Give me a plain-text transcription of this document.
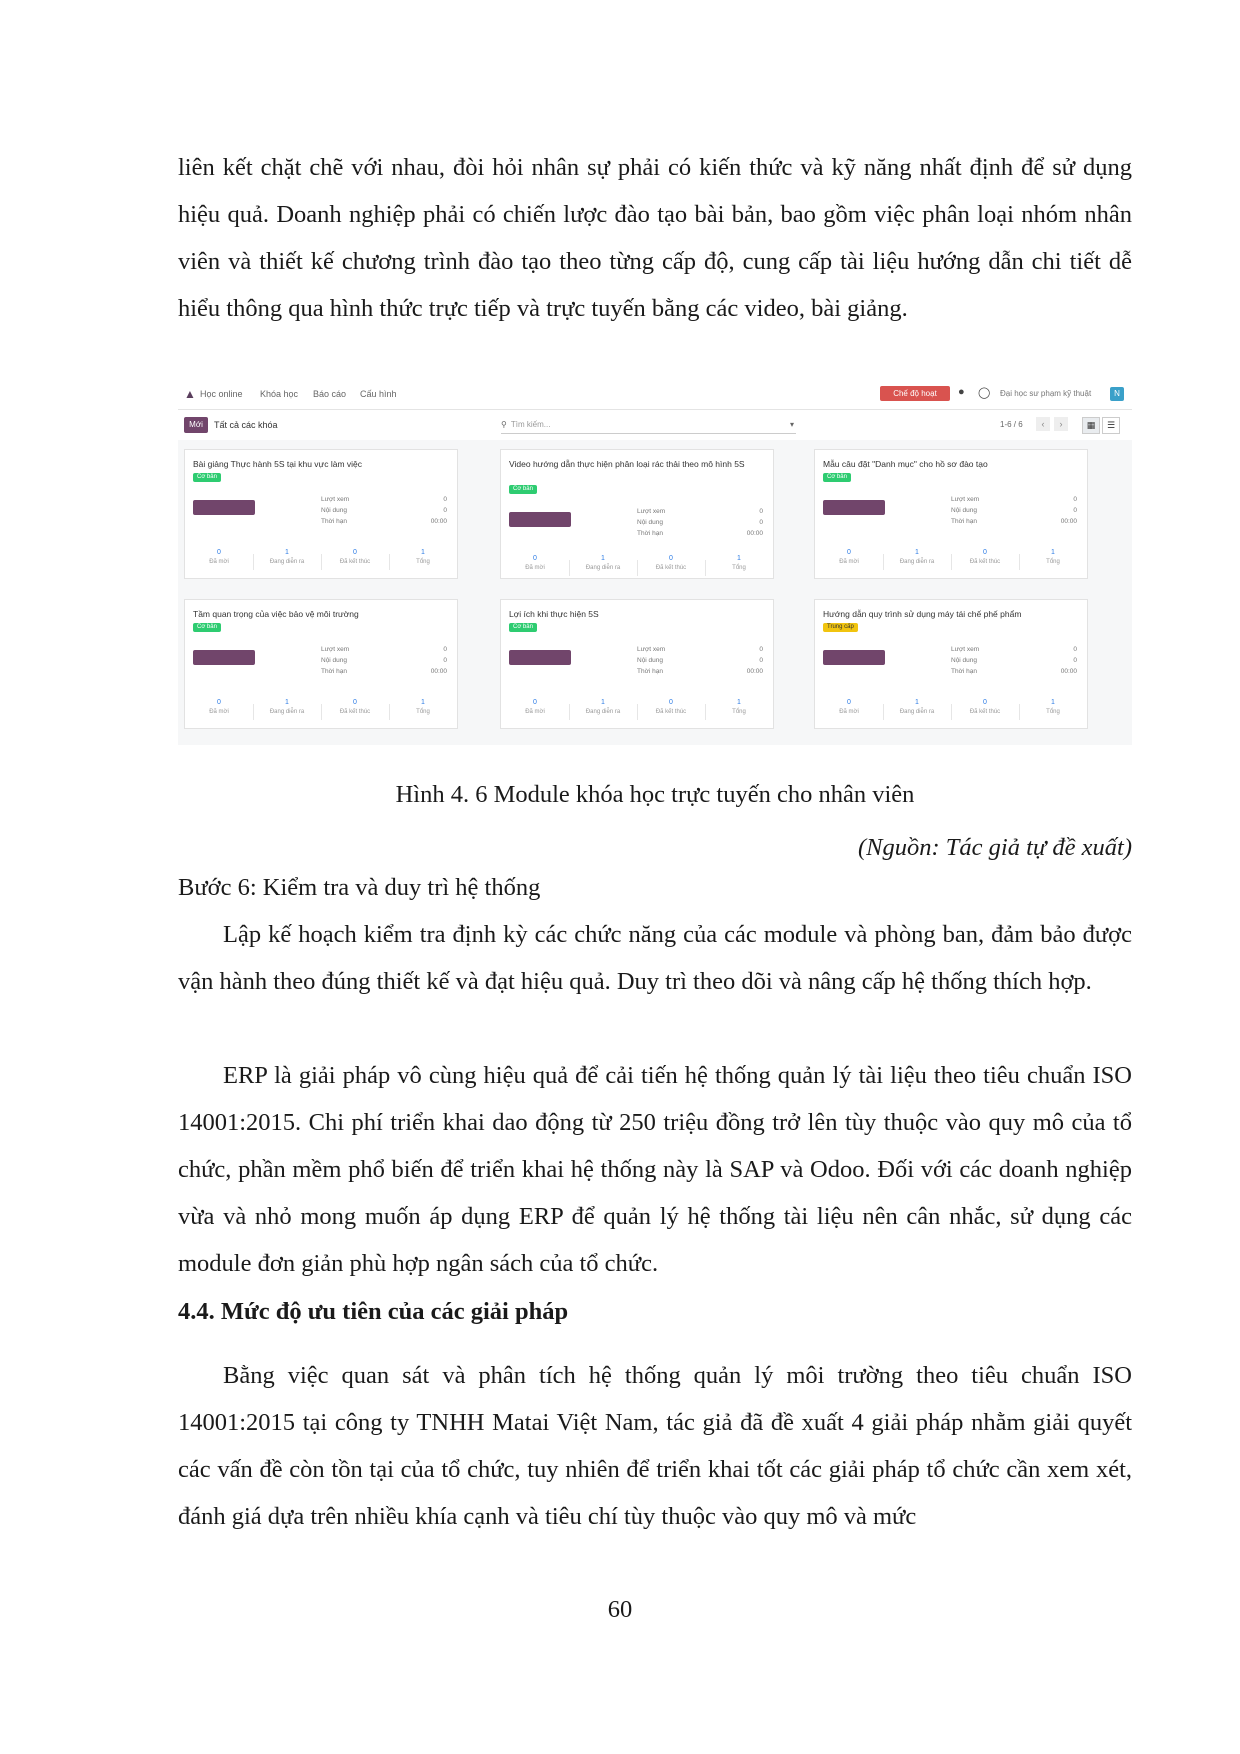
liên kết chặt chẽ với nhau, đòi hỏi nhân sự phải có kiến thức và kỹ năng nhất định để sử dụng hiệu quả. Doanh nghiệp phải có chiến lược đào tạo bài bản, bao gồm việc phân loại nhóm nhân viên và thiết kế chương trình đào tạo theo từng cấp độ, cung cấp tài liệu hướng dẫn chi tiết dễ hiểu thông qua hình thức trực tiếp và trực tuyến bằng các video, bài giảng.

▲ Học online Khóa học Báo cáo Cấu hình	Chế độ hoạt	● ◯ Đại học sư phạm kỹ thuật	N
Mới	Tất cả các khóa	⚲ Tìm kiếm...	▾	1-6 / 6	‹	›	▦	☰
Bài giảng Thực hành 5S tại khu vực làm việc
Cơ bản
Lượt xem	0
Nội dung	0
Thời hạn	00:00
0
Đã mời
1
Đang diễn ra
0
Đã kết thúc
1
Tổng
Video hướng dẫn thực hiện phân loại rác thải theo mô hình 5S
Cơ bản
Lượt xem	0
Nội dung	0
Thời hạn	00:00
0
Đã mời
1
Đang diễn ra
0
Đã kết thúc
1
Tổng
Mẫu câu đặt "Danh mục" cho hồ sơ đào tạo
Cơ bản
Lượt xem	0
Nội dung	0
Thời hạn	00:00
0
Đã mời
1
Đang diễn ra
0
Đã kết thúc
1
Tổng
Tầm quan trọng của việc bảo vệ môi trường
Cơ bản
Lượt xem	0
Nội dung	0
Thời hạn	00:00
0
Đã mời
1
Đang diễn ra
0
Đã kết thúc
1
Tổng
Lợi ích khi thực hiện 5S
Cơ bản
Lượt xem	0
Nội dung	0
Thời hạn	00:00
0
Đã mời
1
Đang diễn ra
0
Đã kết thúc
1
Tổng
Hướng dẫn quy trình sử dụng máy tái chế phế phẩm
Trung cấp
Lượt xem	0
Nội dung	0
Thời hạn	00:00
0
Đã mời
1
Đang diễn ra
0
Đã kết thúc
1
Tổng
Hình 4. 6 Module khóa học trực tuyến cho nhân viên
(Nguồn: Tác giả tự đề xuất)

Bước 6: Kiểm tra và duy trì hệ thống

Lập kế hoạch kiểm tra định kỳ các chức năng của các module và phòng ban, đảm bảo được vận hành theo đúng thiết kế và đạt hiệu quả. Duy trì theo dõi và nâng cấp hệ thống thích hợp.

ERP là giải pháp vô cùng hiệu quả để cải tiến hệ thống quản lý tài liệu theo tiêu chuẩn ISO 14001:2015. Chi phí triển khai dao động từ 250 triệu đồng trở lên tùy thuộc vào quy mô của tổ chức, phần mềm phổ biến để triển khai hệ thống này là SAP và Odoo. Đối với các doanh nghiệp vừa và nhỏ mong muốn áp dụng ERP để quản lý hệ thống tài liệu nên cân nhắc, sử dụng các module đơn giản phù hợp ngân sách của tổ chức.

4.4. Mức độ ưu tiên của các giải pháp

Bằng việc quan sát và phân tích hệ thống quản lý môi trường theo tiêu chuẩn ISO 14001:2015 tại công ty TNHH Matai Việt Nam, tác giả đã đề xuất 4 giải pháp nhằm giải quyết các vấn đề còn tồn tại của tổ chức, tuy nhiên để triển khai tốt các giải pháp tổ chức cần xem xét, đánh giá dựa trên nhiều khía cạnh và tiêu chí tùy thuộc vào quy mô và mức

60
